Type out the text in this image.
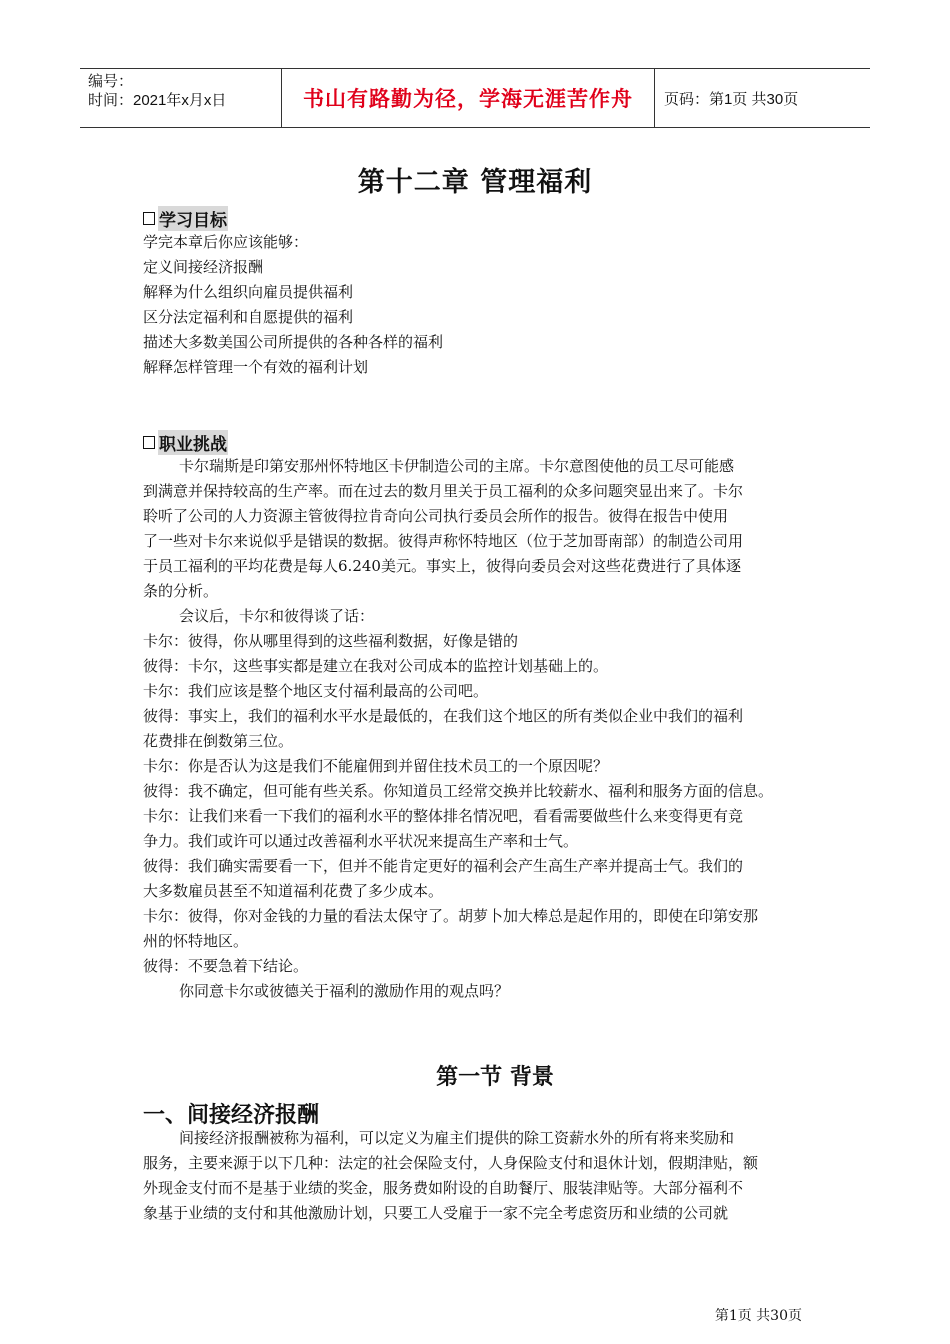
编号：
时间：2021年x月x日	书山有路勤为径，学海无涯苦作舟	页码：第1页 共30页
第十二章 管理福利
学习目标
学完本章后你应该能够：
定义间接经济报酬
解释为什么组织向雇员提供福利
区分法定福利和自愿提供的福利
描述大多数美国公司所提供的各种各样的福利
解释怎样管理一个有效的福利计划
职业挑战
卡尔瑞斯是印第安那州怀特地区卡伊制造公司的主席。卡尔意图使他的员工尽可能感
到满意并保持较高的生产率。而在过去的数月里关于员工福利的众多问题突显出来了。卡尔
聆听了公司的人力资源主管彼得拉肯奇向公司执行委员会所作的报告。彼得在报告中使用
了一些对卡尔来说似乎是错误的数据。彼得声称怀特地区（位于芝加哥南部）的制造公司用
于员工福利的平均花费是每人6.240美元。事实上，彼得向委员会对这些花费进行了具体逐
条的分析。
会议后，卡尔和彼得谈了话：
卡尔：彼得，你从哪里得到的这些福利数据，好像是错的
彼得：卡尔，这些事实都是建立在我对公司成本的监控计划基础上的。
卡尔：我们应该是整个地区支付福利最高的公司吧。
彼得：事实上，我们的福利水平水是最低的，在我们这个地区的所有类似企业中我们的福利
花费排在倒数第三位。
卡尔：你是否认为这是我们不能雇佣到并留住技术员工的一个原因呢？
彼得：我不确定，但可能有些关系。你知道员工经常交换并比较薪水、福利和服务方面的信息。
卡尔：让我们来看一下我们的福利水平的整体排名情况吧，看看需要做些什么来变得更有竞
争力。我们或许可以通过改善福利水平状况来提高生产率和士气。
彼得：我们确实需要看一下，但并不能肯定更好的福利会产生高生产率并提高士气。我们的
大多数雇员甚至不知道福利花费了多少成本。
卡尔：彼得，你对金钱的力量的看法太保守了。胡萝卜加大棒总是起作用的，即使在印第安那
州的怀特地区。
彼得：不要急着下结论。
你同意卡尔或彼德关于福利的激励作用的观点吗？
第一节 背景
一、间接经济报酬
间接经济报酬被称为福利，可以定义为雇主们提供的除工资薪水外的所有将来奖励和
服务，主要来源于以下几种：法定的社会保险支付，人身保险支付和退休计划，假期津贴，额
外现金支付而不是基于业绩的奖金，服务费如附设的自助餐厅、服装津贴等。大部分福利不
象基于业绩的支付和其他激励计划，只要工人受雇于一家不完全考虑资历和业绩的公司就
第1页 共30页
